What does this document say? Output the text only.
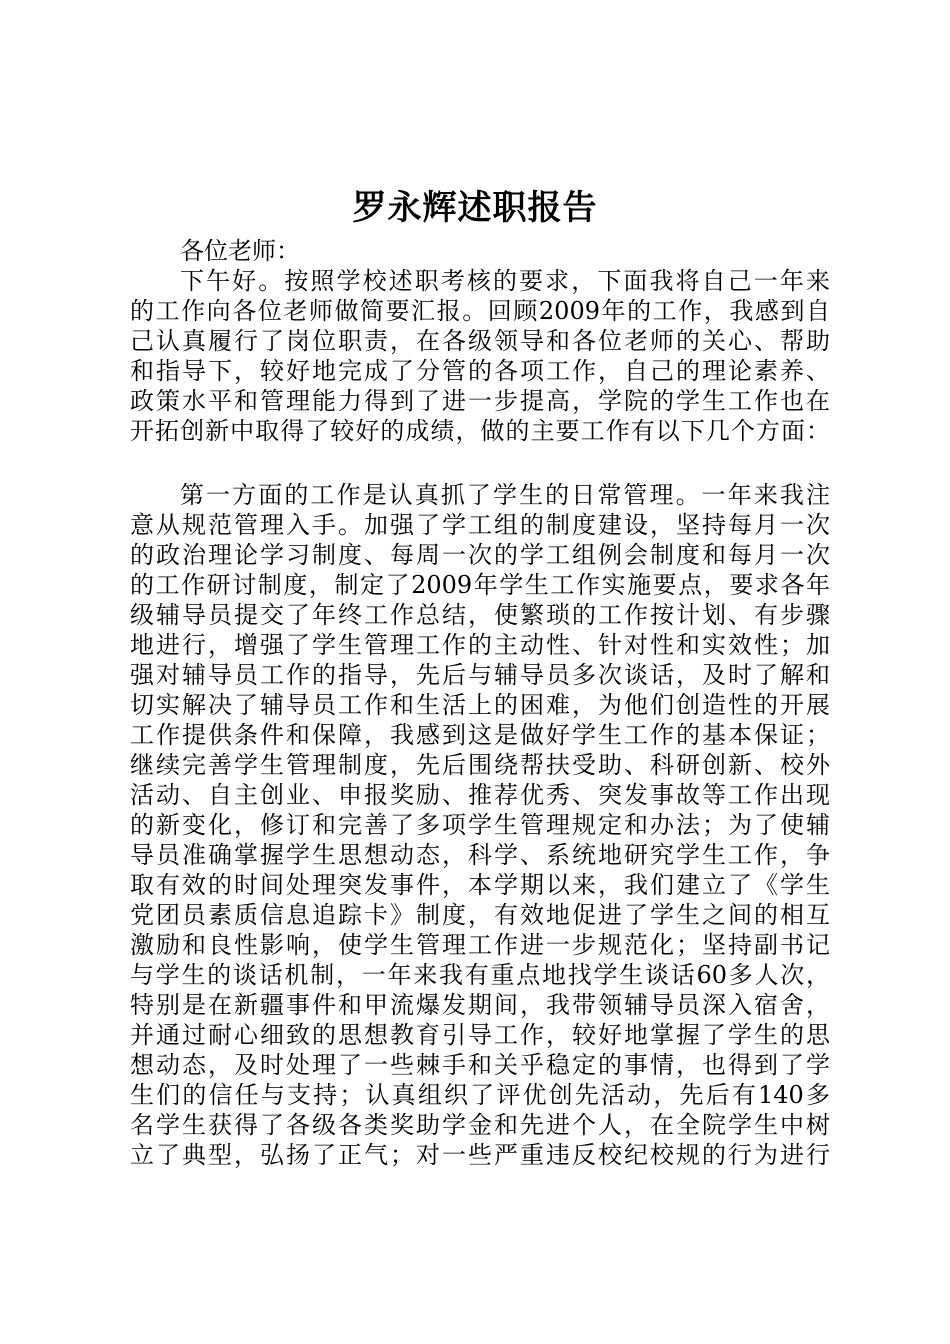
罗永辉述职报告
各位老师：
下午好。按照学校述职考核的要求，下面我将自己一年来
的工作向各位老师做简要汇报。回顾2009年的工作，我感到自
己认真履行了岗位职责，在各级领导和各位老师的关心、帮助
和指导下，较好地完成了分管的各项工作，自己的理论素养、
政策水平和管理能力得到了进一步提高，学院的学生工作也在
开拓创新中取得了较好的成绩，做的主要工作有以下几个方面：
第一方面的工作是认真抓了学生的日常管理。一年来我注
意从规范管理入手。加强了学工组的制度建设，坚持每月一次
的政治理论学习制度、每周一次的学工组例会制度和每月一次
的工作研讨制度，制定了2009年学生工作实施要点，要求各年
级辅导员提交了年终工作总结，使繁琐的工作按计划、有步骤
地进行，增强了学生管理工作的主动性、针对性和实效性；加
强对辅导员工作的指导，先后与辅导员多次谈话，及时了解和
切实解决了辅导员工作和生活上的困难，为他们创造性的开展
工作提供条件和保障，我感到这是做好学生工作的基本保证；
继续完善学生管理制度，先后围绕帮扶受助、科研创新、校外
活动、自主创业、申报奖励、推荐优秀、突发事故等工作出现
的新变化，修订和完善了多项学生管理规定和办法；为了使辅
导员准确掌握学生思想动态，科学、系统地研究学生工作，争
取有效的时间处理突发事件，本学期以来，我们建立了《学生
党团员素质信息追踪卡》制度，有效地促进了学生之间的相互
激励和良性影响，使学生管理工作进一步规范化；坚持副书记
与学生的谈话机制，一年来我有重点地找学生谈话60多人次，
特别是在新疆事件和甲流爆发期间，我带领辅导员深入宿舍，
并通过耐心细致的思想教育引导工作，较好地掌握了学生的思
想动态，及时处理了一些棘手和关乎稳定的事情，也得到了学
生们的信任与支持；认真组织了评优创先活动，先后有140多
名学生获得了各级各类奖助学金和先进个人，在全院学生中树
立了典型，弘扬了正气；对一些严重违反校纪校规的行为进行
